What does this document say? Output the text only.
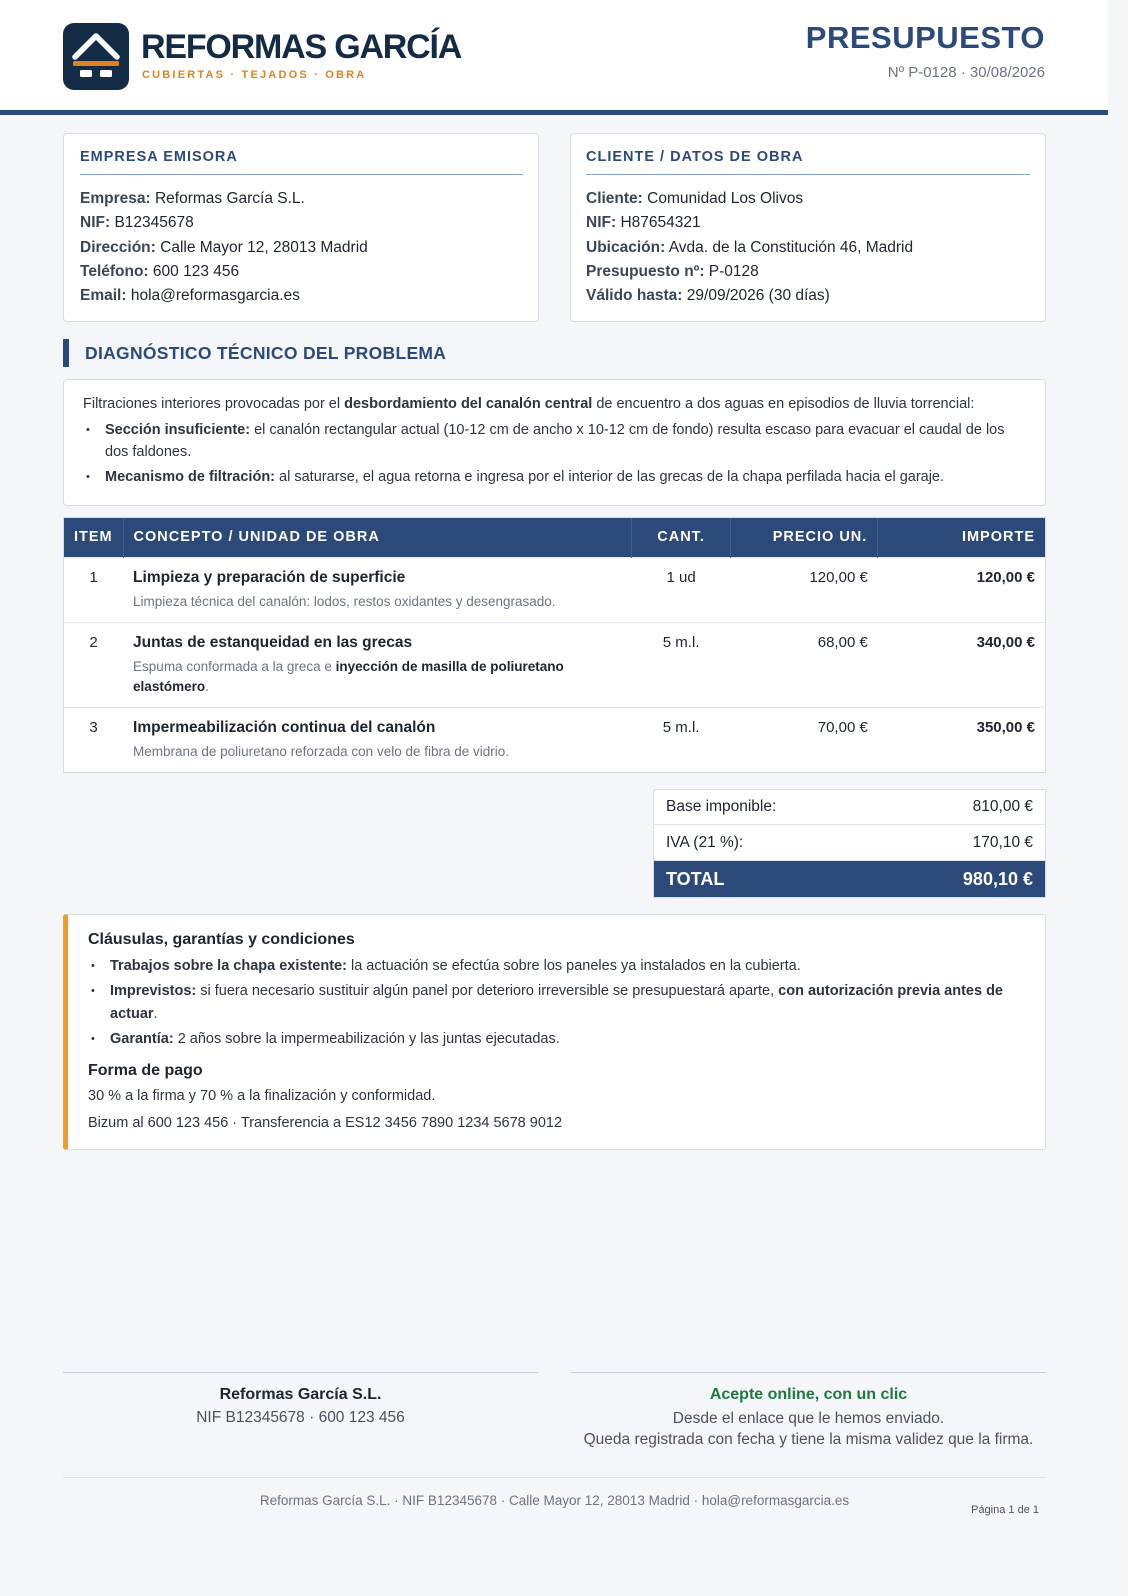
REFORMAS GARCÍA
CUBIERTAS · TEJADOS · OBRA
PRESUPUESTO
Nº P-0128 · 30/08/2026
EMPRESA EMISORA
Empresa: Reformas García S.L.
NIF: B12345678
Dirección: Calle Mayor 12, 28013 Madrid
Teléfono: 600 123 456
Email: hola@reformasgarcia.es
CLIENTE / DATOS DE OBRA
Cliente: Comunidad Los Olivos
NIF: H87654321
Ubicación: Avda. de la Constitución 46, Madrid
Presupuesto nº: P-0128
Válido hasta: 29/09/2026 (30 días)
DIAGNÓSTICO TÉCNICO DEL PROBLEMA
Filtraciones interiores provocadas por el desbordamiento del canalón central de encuentro a dos aguas en episodios de lluvia torrencial:
• Sección insuficiente: el canalón rectangular actual (10-12 cm de ancho x 10-12 cm de fondo) resulta escaso para evacuar el caudal de los dos faldones.
• Mecanismo de filtración: al saturarse, el agua retorna e ingresa por el interior de las grecas de la chapa perfilada hacia el garaje.
ITEM	CONCEPTO / UNIDAD DE OBRA	CANT.	PRECIO UN.	IMPORTE
1	Limpieza y preparación de superficie
Limpieza técnica del canalón: lodos, restos oxidantes y desengrasado.	1 ud	120,00 €	120,00 €
2	Juntas de estanqueidad en las grecas
Espuma conformada a la greca e inyección de masilla de poliuretano elastómero.	5 m.l.	68,00 €	340,00 €
3	Impermeabilización continua del canalón
Membrana de poliuretano reforzada con velo de fibra de vidrio.	5 m.l.	70,00 €	350,00 €
Base imponible:	810,00 €
IVA (21 %):	170,10 €
TOTAL	980,10 €
Cláusulas, garantías y condiciones
• Trabajos sobre la chapa existente: la actuación se efectúa sobre los paneles ya instalados en la cubierta.
• Imprevistos: si fuera necesario sustituir algún panel por deterioro irreversible se presupuestará aparte, con autorización previa antes de actuar.
• Garantía: 2 años sobre la impermeabilización y las juntas ejecutadas.
Forma de pago
30 % a la firma y 70 % a la finalización y conformidad.
Bizum al 600 123 456 · Transferencia a ES12 3456 7890 1234 5678 9012
Reformas García S.L.
NIF B12345678 · 600 123 456
Acepte online, con un clic
Desde el enlace que le hemos enviado.
Queda registrada con fecha y tiene la misma validez que la firma.
Reformas García S.L. · NIF B12345678 · Calle Mayor 12, 28013 Madrid · hola@reformasgarcia.es
Página 1 de 1
